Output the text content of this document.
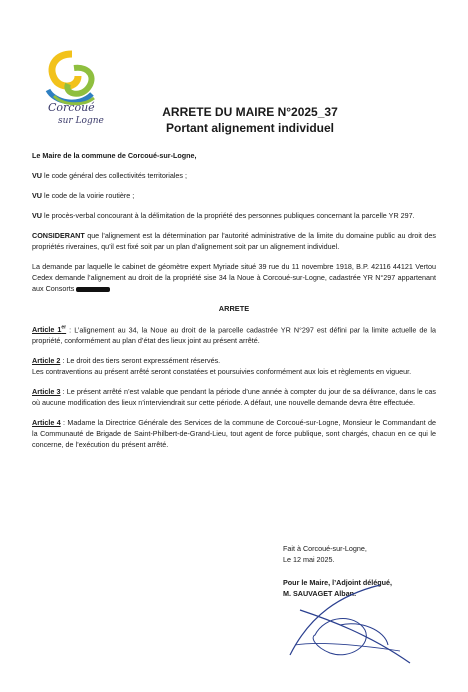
Corcoué
sur Logne
ARRETE DU MAIRE N°2025_37
Portant alignement individuel

Le Maire de la commune de Corcoué-sur-Logne,

VU le code général des collectivités territoriales ;

VU le code de la voirie routière ;

VU le procès-verbal concourant à la délimitation de la propriété des personnes publiques concernant la parcelle YR 297.

CONSIDERANT que l’alignement est la détermination par l’autorité administrative de la limite du domaine public au droit des propriétés riveraines, qu’il est fixé soit par un plan d’alignement soit par un alignement individuel.

La demande par laquelle le cabinet de géomètre expert Myriade situé 39 rue du 11 novembre 1918, B.P. 42116 44121 Vertou Cedex demande l’alignement au droit de la propriété sise 34 la Noue à Corcoué-sur-Logne, cadastrée YR N°297 appartenant aux Consorts

ARRETE

Article 1er : L’alignement au 34, la Noue au droit de la parcelle cadastrée YR N°297 est défini par la limite actuelle de la propriété, conformément au plan d’état des lieux joint au présent arrêté.

Article 2 : Le droit des tiers seront expressément réservés.
Les contraventions au présent arrêté seront constatées et poursuivies conformément aux lois et règlements en vigueur.

Article 3 : Le présent arrêté n’est valable que pendant la période d’une année à compter du jour de sa délivrance, dans le cas où aucune modification des lieux n’interviendrait sur cette période. A défaut, une nouvelle demande devra être effectuée.

Article 4 : Madame la Directrice Générale des Services de la commune de Corcoué-sur-Logne, Monsieur le Commandant de la Communauté de Brigade de Saint-Philbert-de-Grand-Lieu, tout agent de force publique, sont chargés, chacun en ce qui le concerne, de l’exécution du présent arrêté.

Fait à Corcoué-sur-Logne,
Le 12 mai 2025.

Pour le Maire, l’Adjoint délégué,
M. SAUVAGET Alban.
